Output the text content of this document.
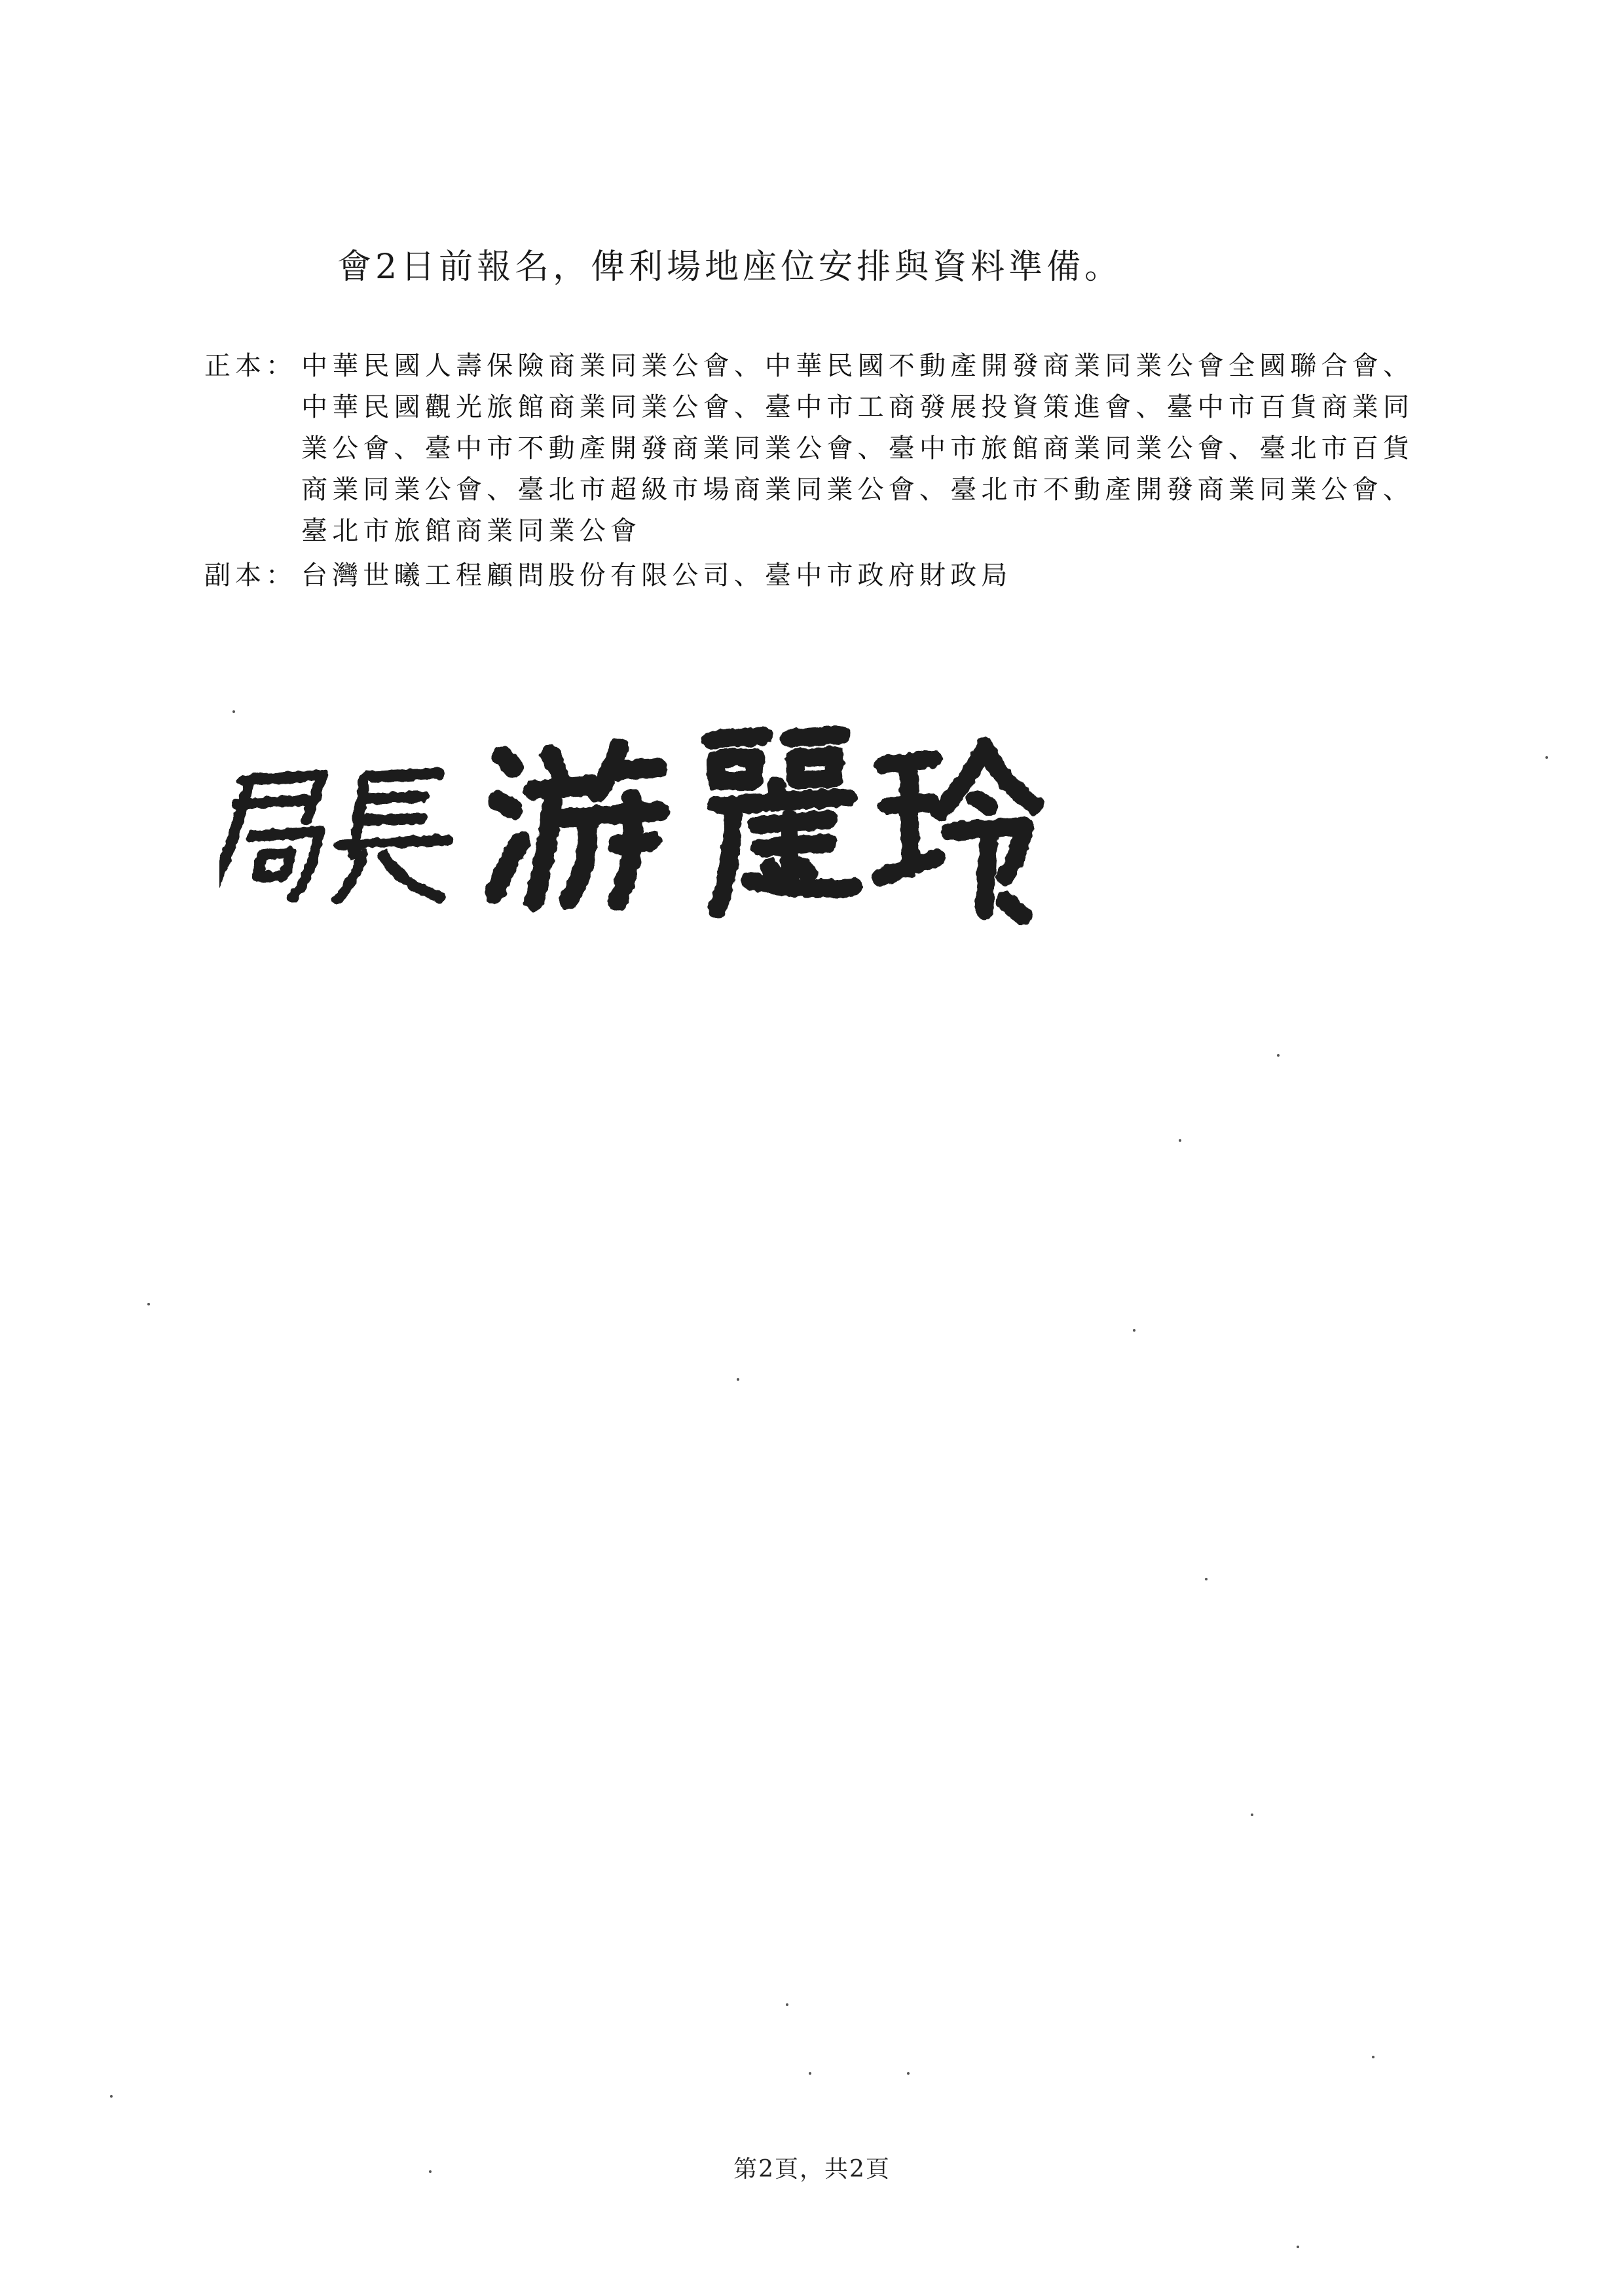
會2日前報名，俾利場地座位安排與資料準備。
正本： 中華民國人壽保險商業同業公會、中華民國不動產開發商業同業公會全國聯合會、中華民國觀光旅館商業同業公會、臺中市工商發展投資策進會、臺中市百貨商業同業公會、臺中市不動產開發商業同業公會、臺中市旅館商業同業公會、臺北市百貨商業同業公會、臺北市超級市場商業同業公會、臺北市不動產開發商業同業公會、臺北市旅館商業同業公會
副本： 台灣世曦工程顧問股份有限公司、臺中市政府財政局
第2頁，共2頁
